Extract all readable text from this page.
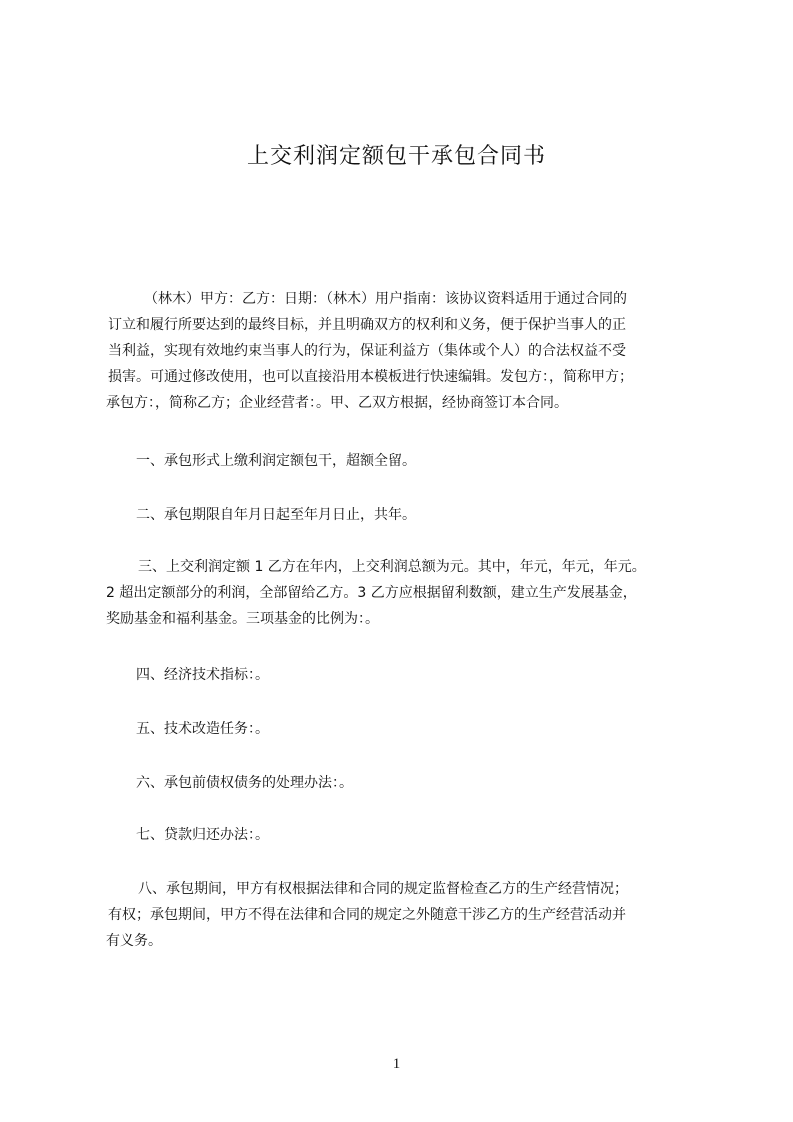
上交利润定额包干承包合同书
（林木）甲方：乙方：日期：（林木）用户指南：该协议资料适用于通过合同的
订立和履行所要达到的最终目标，并且明确双方的权利和义务，便于保护当事人的正
当利益，实现有效地约束当事人的行为，保证利益方（集体或个人）的合法权益不受
损害。可通过修改使用，也可以直接沿用本模板进行快速编辑。发包方：，简称甲方；
承包方：，简称乙方；企业经营者：。甲、乙双方根据，经协商签订本合同。
一、承包形式上缴利润定额包干，超额全留。
二、承包期限自年月日起至年月日止，共年。
三、上交利润定额 1 乙方在年内，上交利润总额为元。其中，年元，年元，年元。
2 超出定额部分的利润，全部留给乙方。3 乙方应根据留利数额，建立生产发展基金，
奖励基金和福利基金。三项基金的比例为：。
四、经济技术指标：。
五、技术改造任务：。
六、承包前债权债务的处理办法：。
七、贷款归还办法：。
八、承包期间，甲方有权根据法律和合同的规定监督检查乙方的生产经营情况；
有权；承包期间，甲方不得在法律和合同的规定之外随意干涉乙方的生产经营活动并
有义务。
1
